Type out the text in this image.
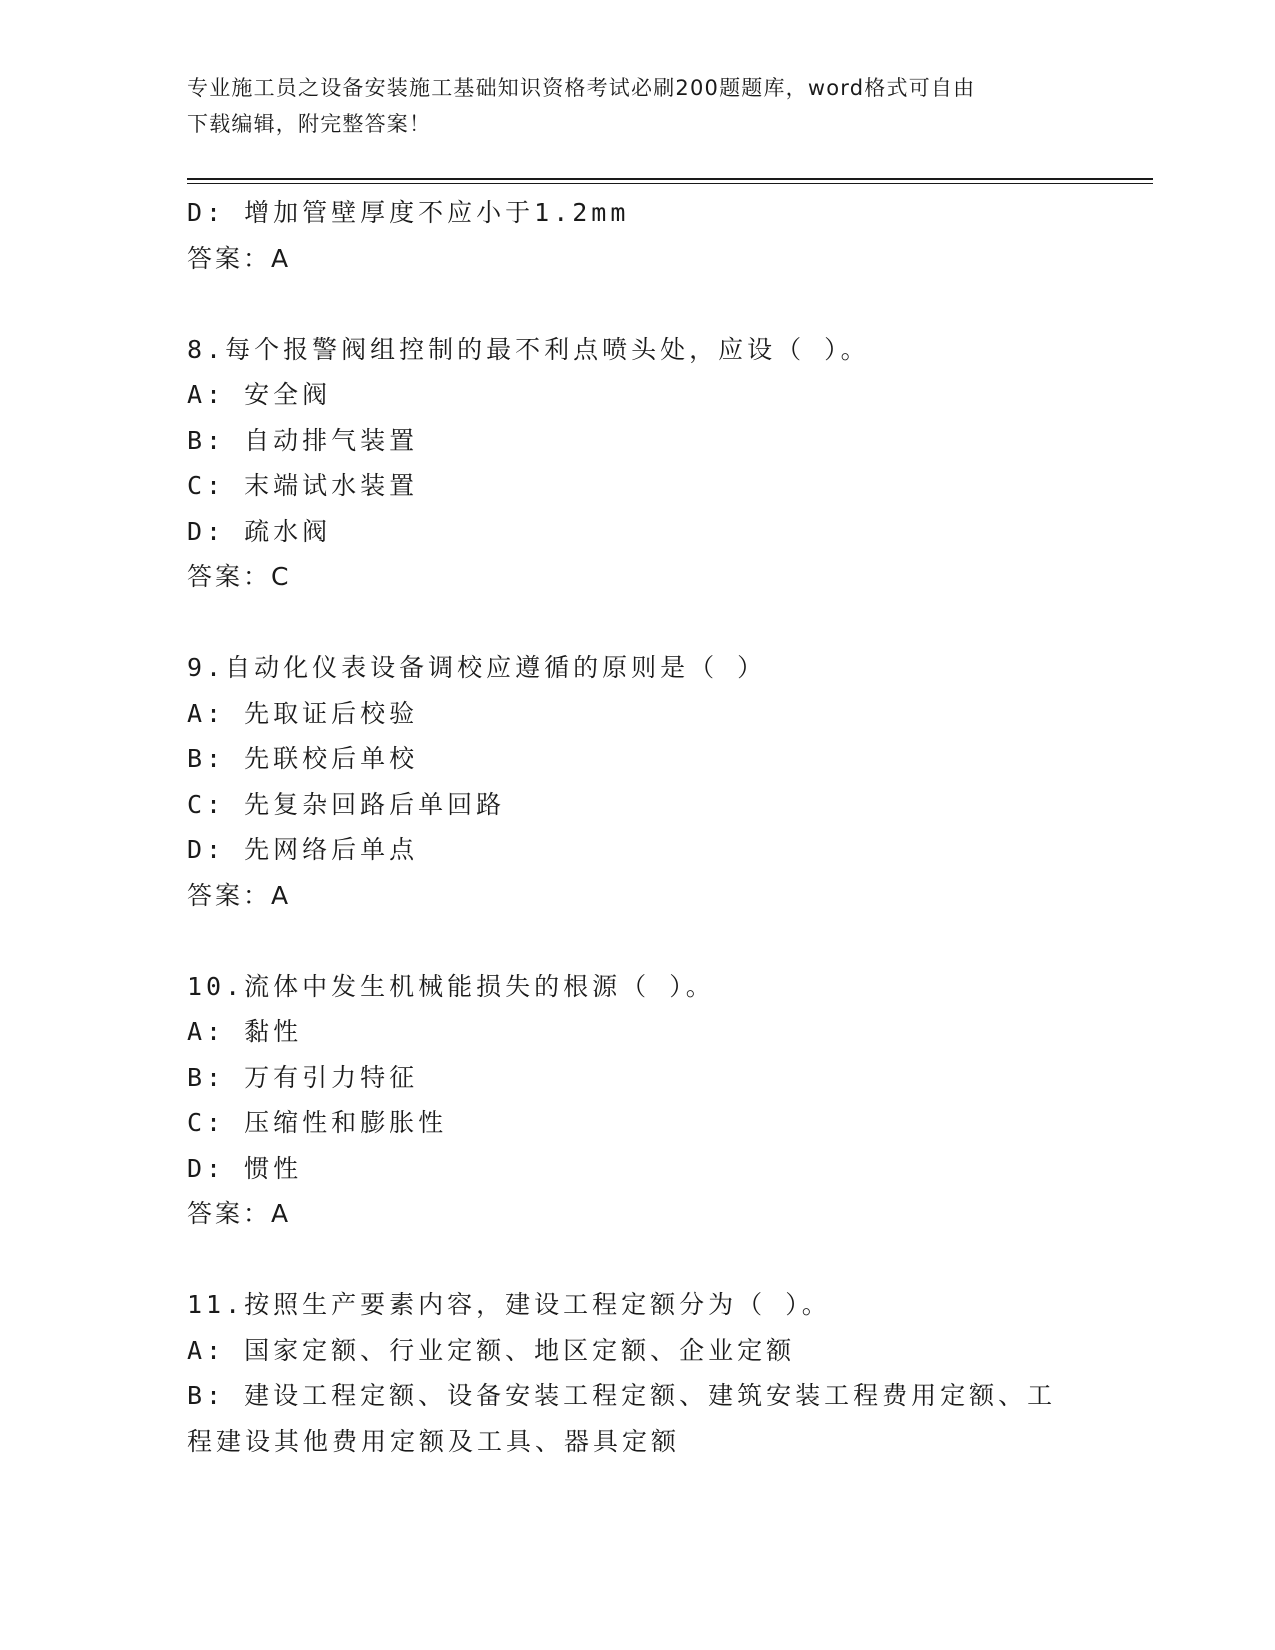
专业施工员之设备安装施工基础知识资格考试必刷200题题库，word格式可自由
下载编辑，附完整答案！
D: 增加管壁厚度不应小于1.2mm
答案：A
8.每个报警阀组控制的最不利点喷头处，应设（ ）。
A: 安全阀
B: 自动排气装置
C: 末端试水装置
D: 疏水阀
答案：C
9.自动化仪表设备调校应遵循的原则是（ ）
A: 先取证后校验
B: 先联校后单校
C: 先复杂回路后单回路
D: 先网络后单点
答案：A
10.流体中发生机械能损失的根源（ ）。
A: 黏性
B: 万有引力特征
C: 压缩性和膨胀性
D: 惯性
答案：A
11.按照生产要素内容，建设工程定额分为（ ）。
A: 国家定额、行业定额、地区定额、企业定额
B: 建设工程定额、设备安装工程定额、建筑安装工程费用定额、工程建设其他费用定额及工具、器具定额
